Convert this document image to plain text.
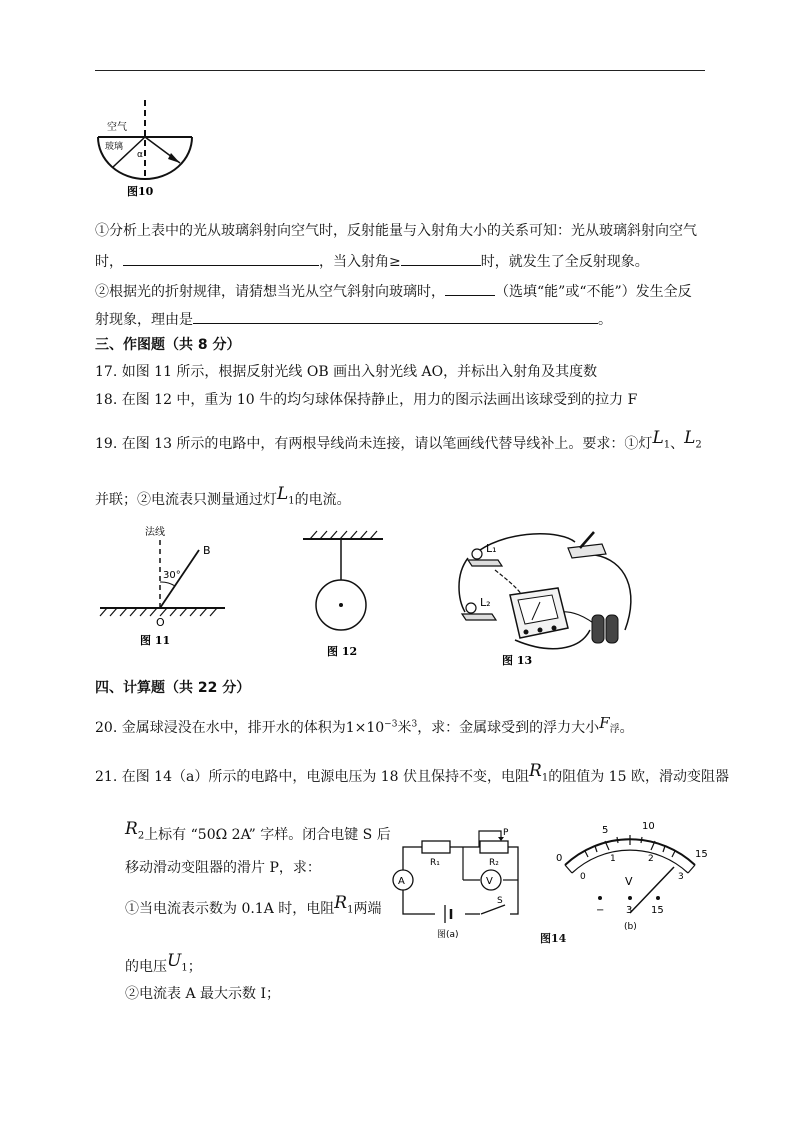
空气
玻璃
α
图10
①分析上表中的光从玻璃斜射向空气时，反射能量与入射角大小的关系可知：光从玻璃斜射向空气
时，	，当入射角≥	时，就发生了全反射现象。
②根据光的折射规律，请猜想当光从空气斜射向玻璃时，	（选填“能”或“不能”）发生全反
射现象，理由是	。
三、作图题（共 8 分）
17. 如图 11 所示，根据反射光线 OB 画出入射光线 AO，并标出入射角及其度数
18. 在图 12 中，重为 10 牛的均匀球体保持静止，用力的图示法画出该球受到的拉力 F
19. 在图 13 所示的电路中，有两根导线尚未连接，请以笔画线代替导线补上。要求：①灯$L_1$、$L_2$
并联；②电流表只测量通过灯$L_1$的电流。
法线
B
30°
O
图 11
图 12
L₁
L₂
图 13
四、计算题（共 22 分）
20. 金属球浸没在水中，排开水的体积为$1\times 10^{-3}$米$^3$，求：金属球受到的浮力大小$F_浮$。
21. 在图 14（a）所示的电路中，电源电压为 18 伏且保持不变，电阻$R_1$的阻值为 15 欧，滑动变阻器
$R_2$上标有 “50Ω 2A” 字样。闭合电键 S 后
移动滑动变阻器的滑片 P，求：
①当电流表示数为 0.1A 时，电阻$R_1$两端
的电压$U_1$；
②电流表 A 最大示数 I；
R₁	R₂
P
V
A
S
图(a)
0
5	10
15
0
1	2
3
V
− 3 15
(b)
图14
